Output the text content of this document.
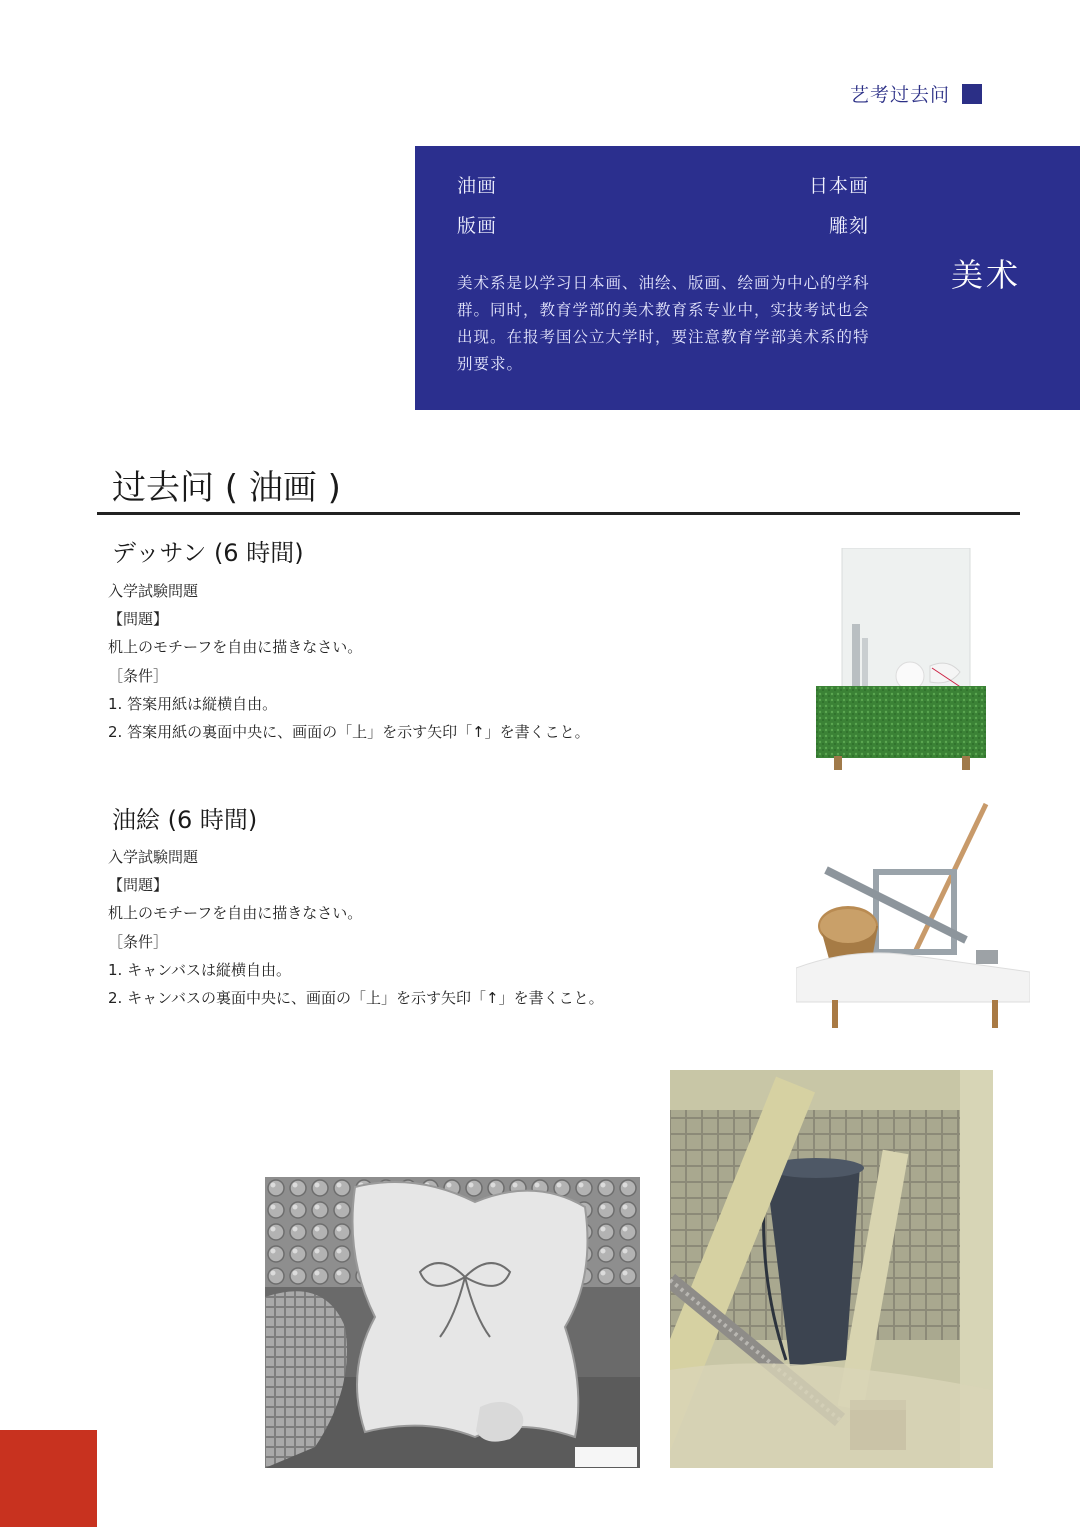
艺考过去问
油画	日本画
版画	雕刻
美术系是以学习日本画、油绘、版画、绘画为中心的学科群。同时，教育学部的美术教育系专业中，实技考试也会出现。在报考国公立大学时，要注意教育学部美术系的特别要求。
美术
过去问 ( 油画 )
デッサン (6 時間)
入学試験問題
【問題】
机上のモチーフを自由に描きなさい。
［条件］
1. 答案用紙は縦横自由。
2. 答案用紙の裏面中央に、画面の「上」を示す矢印「↑」を書くこと。
油絵 (6 時間)
入学試験問題
【問題】
机上のモチーフを自由に描きなさい。
［条件］
1. キャンバスは縦横自由。
2. キャンバスの裏面中央に、画面の「上」を示す矢印「↑」を書くこと。
